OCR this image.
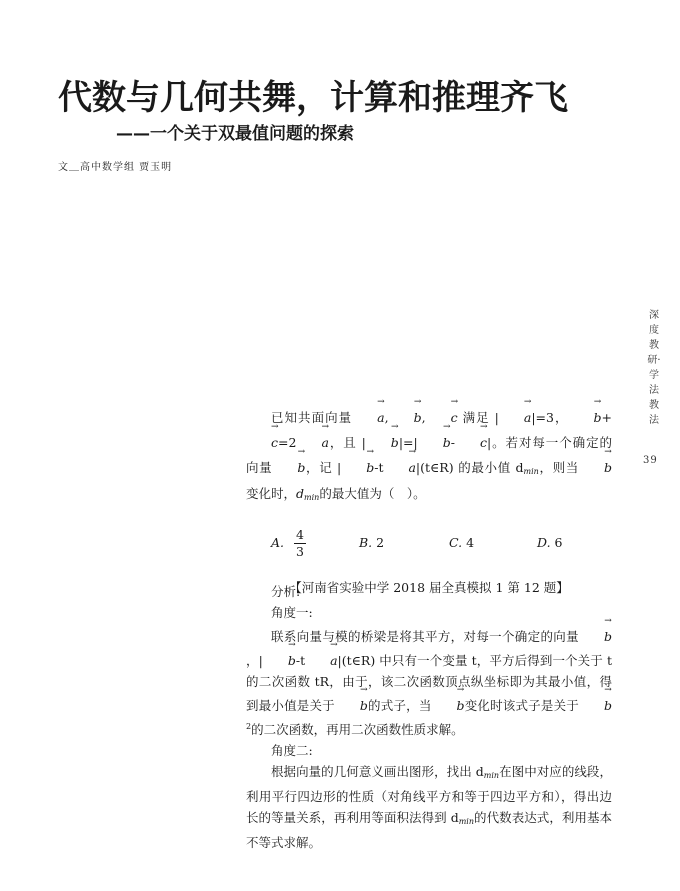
代数与几何共舞，计算和推理齐飞
——一个关于双最值问题的探索
文＿高中数学组 贾玉明
深度教研·学法教法
39

已知共面向量 → a, → b, → c 满足 | → a|=3， → b+→ c=2 → a，且 | → b|=| → b- → c|。若对每一个确定的向量 → b，记 | → b-t → a|(t∈R) 的最小值 $d_{min}$，则当 → b变化时，$d_{min}$的最大值为（　）。

A. $\frac{4}{3}$	B. 2	C. 4	D. 6
【河南省实验中学 2018 届全真模拟 1 第 12 题】

分析:

角度一:

联系向量与模的桥梁是将其平方，对每一个确定的向量 → b，| → b-t → a|(t∈R) 中只有一个变量 t，平方后得到一个关于 t 的二次函数 tR，由于，该二次函数顶点纵坐标即为其最小值，得到最小值是关于 → b的式子，当 → b变化时该式子是关于 → $b^2$的二次函数，再用二次函数性质求解。

角度二:

根据向量的几何意义画出图形，找出 $d_{min}$在图中对应的线段，利用平行四边形的性质（对角线平方和等于四边平方和），得出边长的等量关系，再利用等面积法得到 $d_{min}$的代数表达式，利用基本不等式求解。
